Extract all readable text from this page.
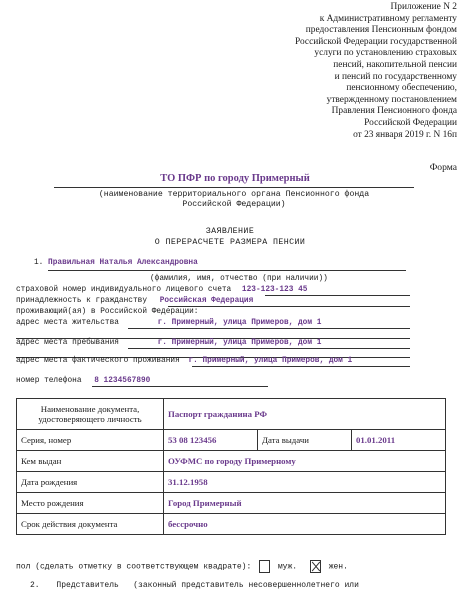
Приложение N 2
к Административному регламенту
предоставления Пенсионным фондом
Российской Федерации государственной
услуги по установлению страховых
пенсий, накопительной пенсии
и пенсий по государственному
пенсионному обеспечению,
утвержденному постановлением
Правления Пенсионного фонда
Российской Федерации
от 23 января 2019 г. N 16п
Форма
ТО ПФР по городу Примерный
(наименование территориального органа Пенсионного фонда
Российской Федерации)
ЗАЯВЛЕНИЕ
О ПЕРЕРАСЧЕТЕ РАЗМЕРА ПЕНСИИ
1. Правильная Наталья Александровна
(фамилия, имя, отчество (при наличии))
страховой номер индивидуального лицевого счета 123-123-123 45
принадлежность к гражданству Российская Федерация
проживающий(ая) в Российской Федерации:
адрес места жительства	г. Примерный, улица Примеров, дом 1
адрес места пребывания	г. Примерный, улица Примеров, дом 1
адрес места фактического проживания г. Примерный, улица Примеров, дом 1
номер телефона 8 1234567890
Наименование документа, удостоверяющего личность	Паспорт гражданина РФ		
Серия, номер	53 08 123456	Дата выдачи	01.01.2011
Кем выдан	ОУФМС по городу Примерному		
Дата рождения	31.12.1958		
Место рождения	Город Примерный		
Срок действия документа	бессрочно		
пол (сделать отметку в соответствующем квадрате):	муж.	жен.
2. Представитель   (законный представитель несовершеннолетнего или
